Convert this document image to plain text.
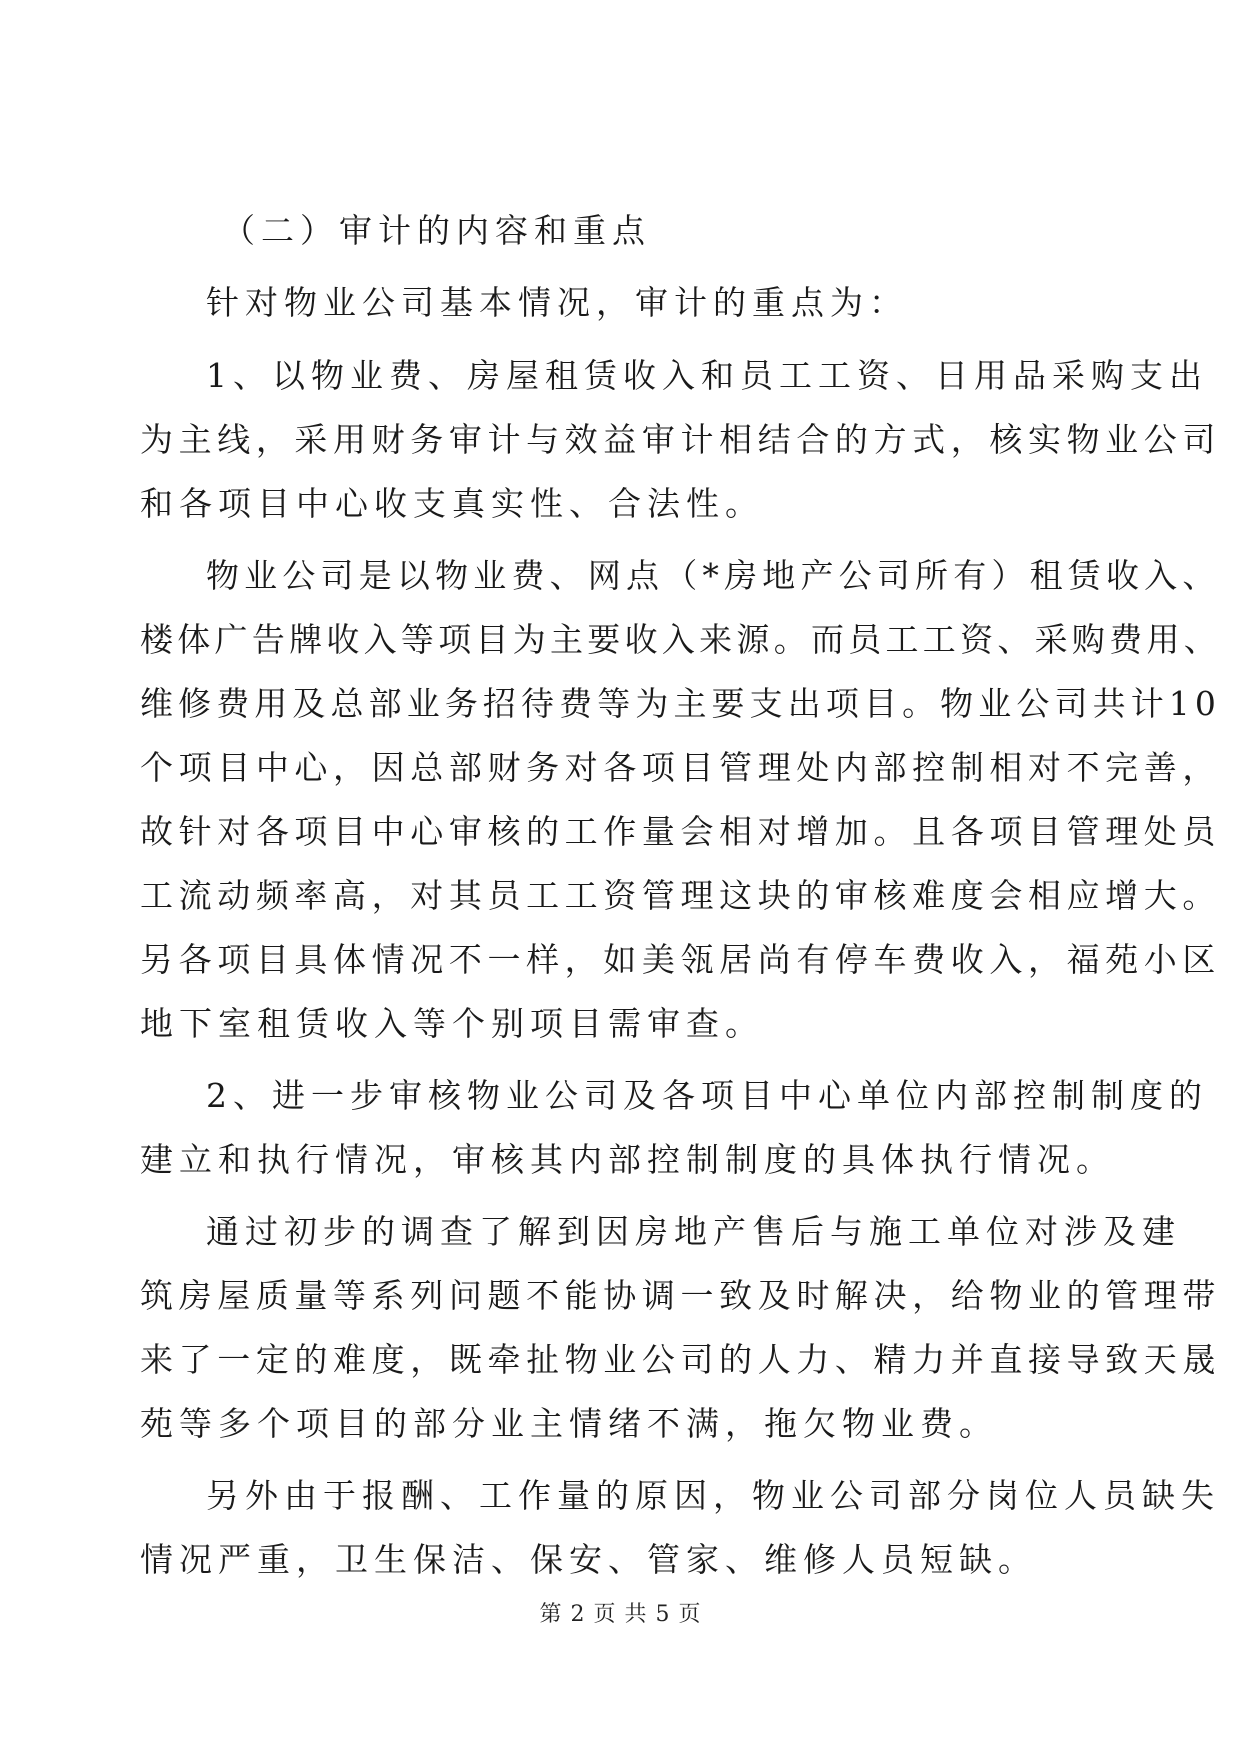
（二）审计的内容和重点
针对物业公司基本情况，审计的重点为：
1、以物业费、房屋租赁收入和员工工资、日用品采购支出
为主线，采用财务审计与效益审计相结合的方式，核实物业公司
和各项目中心收支真实性、合法性。
物业公司是以物业费、网点（*房地产公司所有）租赁收入、
楼体广告牌收入等项目为主要收入来源。而员工工资、采购费用、
维修费用及总部业务招待费等为主要支出项目。物业公司共计10
个项目中心，因总部财务对各项目管理处内部控制相对不完善，
故针对各项目中心审核的工作量会相对增加。且各项目管理处员
工流动频率高，对其员工工资管理这块的审核难度会相应增大。
另各项目具体情况不一样，如美瓴居尚有停车费收入，福苑小区
地下室租赁收入等个别项目需审查。
2、进一步审核物业公司及各项目中心单位内部控制制度的
建立和执行情况，审核其内部控制制度的具体执行情况。
通过初步的调查了解到因房地产售后与施工单位对涉及建
筑房屋质量等系列问题不能协调一致及时解决，给物业的管理带
来了一定的难度，既牵扯物业公司的人力、精力并直接导致天晟
苑等多个项目的部分业主情绪不满，拖欠物业费。
另外由于报酬、工作量的原因，物业公司部分岗位人员缺失
情况严重，卫生保洁、保安、管家、维修人员短缺。
第 2 页 共 5 页
